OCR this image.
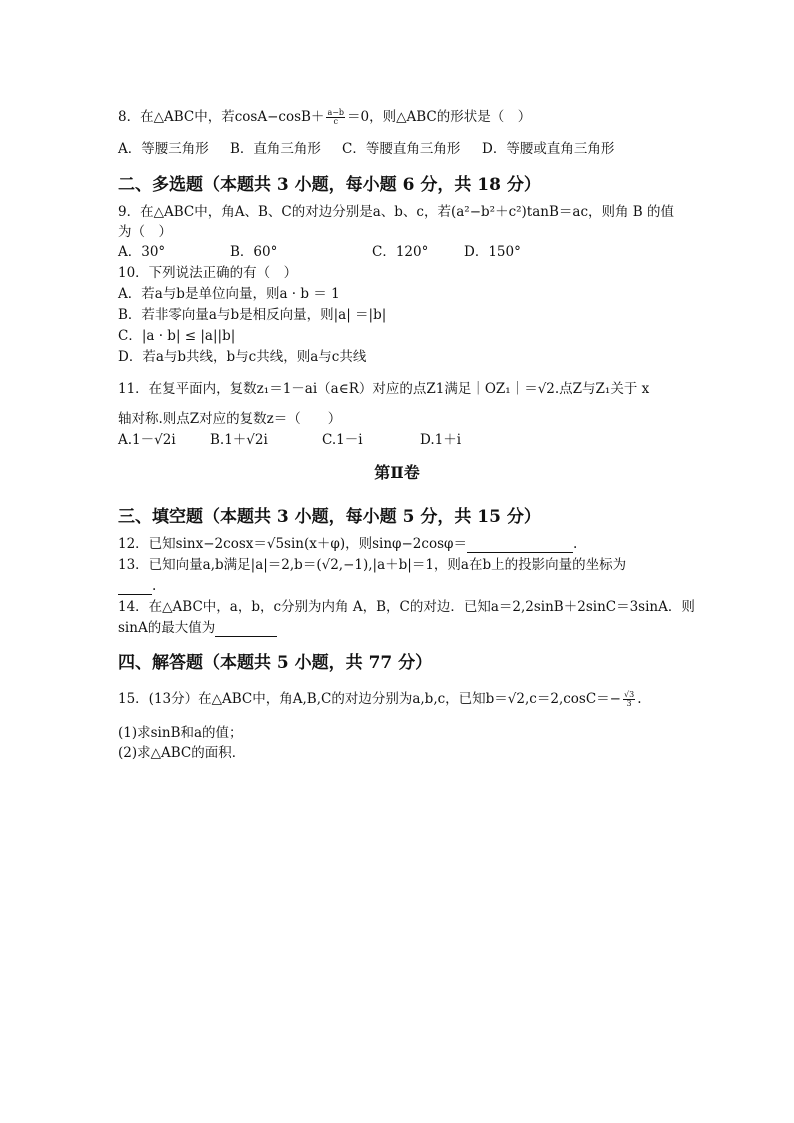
8．在△ABC中，若$\cos A-\cos B+ \frac{a-b}{c} =0$，则△ABC的形状是（　）
A．等腰三角形	B．直角三角形	C．等腰直角三角形	D．等腰或直角三角形
二、多选题（本题共 3 小题，每小题 6 分，共 18 分）
9．在△ABC中，角A、B、C的对边分别是a、b、c，若(a²−b²＋c²)tanB＝ac，则角 B 的值
为（　）
A．30°	B．60°	C．120°	D．150°
10．下列说法正确的有（　）
A．若a与b是单位向量，则a · b ＝ 1
B．若非零向量a与b是相反向量，则|a| ＝|b|
C．|a · b| ≤ |a||b|
D．若a与b共线，b与c共线，则a与c共线
11．在复平面内，复数z₁＝1－ai（a∈R）对应的点Z1满足｜OZ₁｜＝√2.点Z与Z₁关于 x
轴对称.则点Z对应的复数z＝（　　）
A.1－√2i	B.1＋√2i	C.1－i	D.1＋i
第Ⅱ卷
三、填空题（本题共 3 小题，每小题 5 分，共 15 分）
12．已知sinx−2cosx＝√5sin(x＋φ)，则sinφ−2cosφ＝	.
13．已知向量a,b满足|a|＝2,b＝(√2,−1),|a＋b|＝1，则a在b上的投影向量的坐标为
.
14．在△ABC中，a，b，c分别为内角 A，B，C的对边．已知a＝2,2sinB＋2sinC＝3sinA．则
sinA的最大值为
四、解答题（本题共 5 小题，共 77 分）
15．(13分）在△ABC中，角A,B,C的对边分别为a,b,c，已知$b=√2,c=2,\cos C=- \frac{√3}{3}$ .
(1)求sinB和a的值；
(2)求△ABC的面积．
